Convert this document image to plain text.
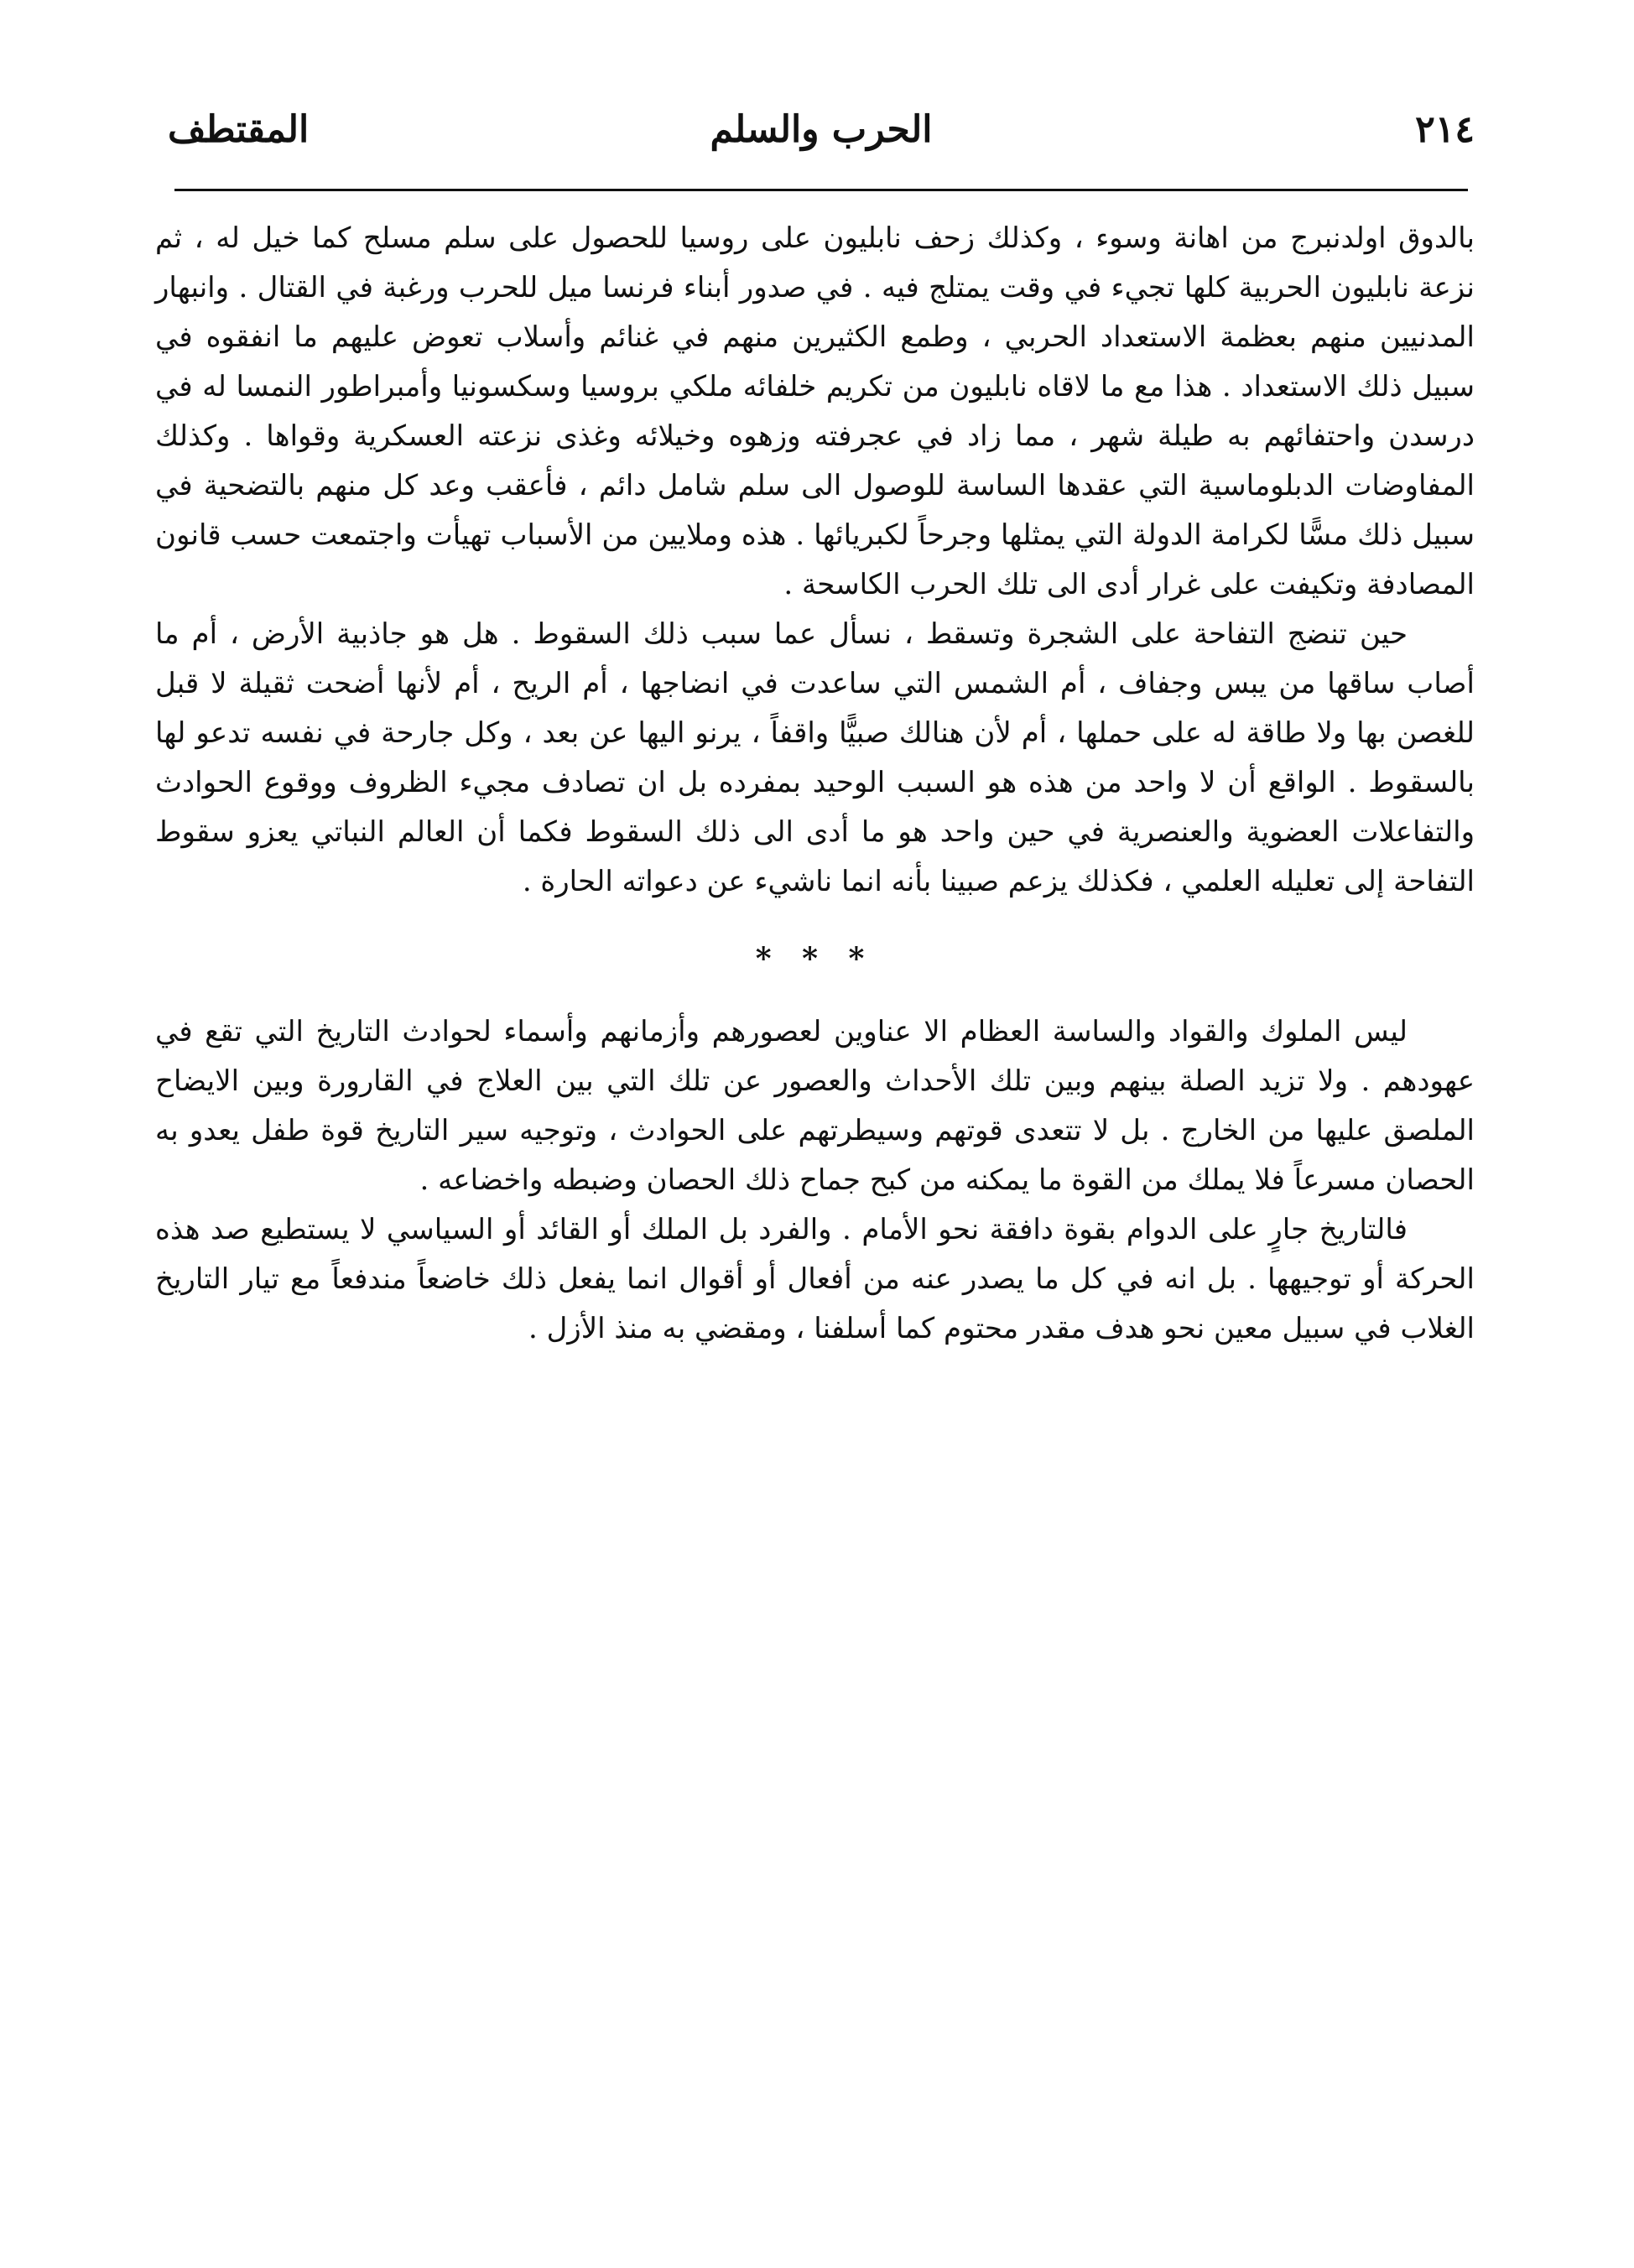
٢١٤
الحرب والسلم
المقتطف

بالدوق اولدنبرج من اهانة وسوء ، وكذلك زحف نابليون على روسيا للحصول على سلم مسلح كما خيل له ، ثم نزعة نابليون الحربية كلها تجيء في وقت يمتلج فيه . في صدور أبناء فرنسا ميل للحرب ورغبة في القتال . وانبهار المدنيين منهم بعظمة الاستعداد الحربي ، وطمع الكثيرين منهم في غنائم وأسلاب تعوض عليهم ما انفقوه في سبيل ذلك الاستعداد . هذا مع ما لاقاه نابليون من تكريم خلفائه ملكي بروسيا وسكسونيا وأمبراطور النمسا له في درسدن واحتفائهم به طيلة شهر ، مما زاد في عجرفته وزهوه وخيلائه وغذى نزعته العسكرية وقواها . وكذلك المفاوضات الدبلوماسية التي عقدها الساسة للوصول الى سلم شامل دائم ، فأعقب وعد كل منهم بالتضحية في سبيل ذلك مسًّا لكرامة الدولة التي يمثلها وجرحاً لكبريائها . هذه وملايين من الأسباب تهيأت واجتمعت حسب قانون المصادفة وتكيفت على غرار أدى الى تلك الحرب الكاسحة .

حين تنضج التفاحة على الشجرة وتسقط ، نسأل عما سبب ذلك السقوط . هل هو جاذبية الأرض ، أم ما أصاب ساقها من يبس وجفاف ، أم الشمس التي ساعدت في انضاجها ، أم الريح ، أم لأنها أضحت ثقيلة لا قبل للغصن بها ولا طاقة له على حملها ، أم لأن هنالك صبيًّا واقفاً ، يرنو اليها عن بعد ، وكل جارحة في نفسه تدعو لها بالسقوط . الواقع أن لا واحد من هذه هو السبب الوحيد بمفرده بل ان تصادف مجيء الظروف ووقوع الحوادث والتفاعلات العضوية والعنصرية في حين واحد هو ما أدى الى ذلك السقوط فكما أن العالم النباتي يعزو سقوط التفاحة إلى تعليله العلمي ، فكذلك يزعم صبينا بأنه انما ناشيء عن دعواته الحارة .

* * *

ليس الملوك والقواد والساسة العظام الا عناوين لعصورهم وأزمانهم وأسماء لحوادث التاريخ التي تقع في عهودهم . ولا تزيد الصلة بينهم وبين تلك الأحداث والعصور عن تلك التي بين العلاج في القارورة وبين الايضاح الملصق عليها من الخارج . بل لا تتعدى قوتهم وسيطرتهم على الحوادث ، وتوجيه سير التاريخ قوة طفل يعدو به الحصان مسرعاً فلا يملك من القوة ما يمكنه من كبح جماح ذلك الحصان وضبطه واخضاعه .

فالتاريخ جارٍ على الدوام بقوة دافقة نحو الأمام . والفرد بل الملك أو القائد أو السياسي لا يستطيع صد هذه الحركة أو توجيهها . بل انه في كل ما يصدر عنه من أفعال أو أقوال انما يفعل ذلك خاضعاً مندفعاً مع تيار التاريخ الغلاب في سبيل معين نحو هدف مقدر محتوم كما أسلفنا ، ومقضي به منذ الأزل .
